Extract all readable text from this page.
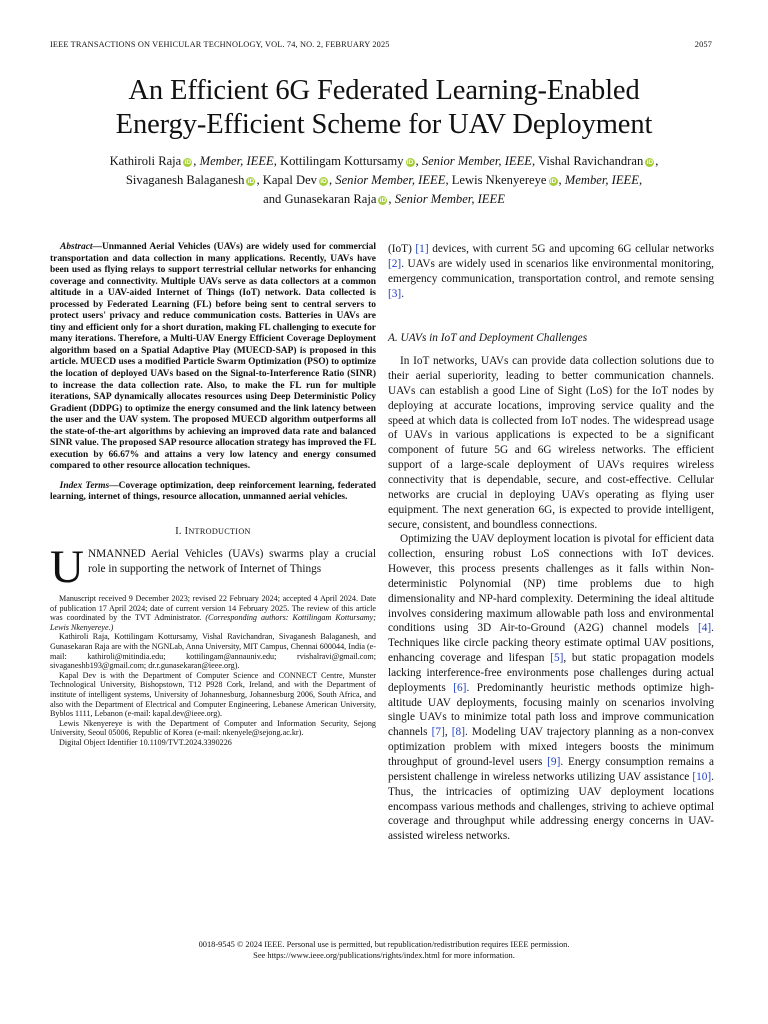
IEEE TRANSACTIONS ON VEHICULAR TECHNOLOGY, VOL. 74, NO. 2, FEBRUARY 2025	2057
An Efficient 6G Federated Learning-Enabled
Energy-Efficient Scheme for UAV Deployment
Kathiroli Raja iD , Member, IEEE, Kottilingam Kottursamy iD , Senior Member, IEEE, Vishal Ravichandran iD ,
Sivaganesh Balaganesh iD , Kapal Dev iD , Senior Member, IEEE, Lewis Nkenyereye iD , Member, IEEE,
and Gunasekaran Raja iD , Senior Member, IEEE
Abstract—Unmanned Aerial Vehicles (UAVs) are widely used for commercial transportation and data collection in many applications. Recently, UAVs have been used as flying relays to support terrestrial cellular networks for enhancing coverage and connectivity. Multiple UAVs serve as data collectors at a common altitude in a UAV-aided Internet of Things (IoT) network. Data collected is processed by Federated Learning (FL) before being sent to central servers to protect users' privacy and reduce communication costs. Batteries in UAVs are tiny and efficient only for a short duration, making FL challenging to execute for many iterations. Therefore, a Multi-UAV Energy Efficient Coverage Deployment algorithm based on a Spatial Adaptive Play (MUECD-SAP) is proposed in this article. MUECD uses a modified Particle Swarm Optimization (PSO) to optimize the location of deployed UAVs based on the Signal-to-Interference Ratio (SINR) to increase the data collection rate. Also, to make the FL run for multiple iterations, SAP dynamically allocates resources using Deep Deterministic Policy Gradient (DDPG) to optimize the energy consumed and the link latency between the user and the UAV system. The proposed MUECD algorithm outperforms all the state-of-the-art algorithms by achieving an improved data rate and balanced SINR value. The proposed SAP resource allocation strategy has improved the FL execution by 66.67% and attains a very low latency and energy consumed compared to other resource allocation techniques.
Index Terms—Coverage optimization, deep reinforcement learning, federated learning, internet of things, resource allocation, unmanned aerial vehicles.
I. INTRODUCTION
UNMANNED Aerial Vehicles (UAVs) swarms play a crucial role in supporting the network of Internet of Things

Manuscript received 9 December 2023; revised 22 February 2024; accepted 4 April 2024. Date of publication 17 April 2024; date of current version 14 February 2025. The review of this article was coordinated by the TVT Administrator. (Corresponding authors: Kottilingam Kottursamy; Lewis Nkenyereye.)

Kathiroli Raja, Kottilingam Kottursamy, Vishal Ravichandran, Sivaganesh Balaganesh, and Gunasekaran Raja are with the NGNLab, Anna University, MIT Campus, Chennai 600044, India (e-mail: kathiroli@mitindia.edu; kottilingam@annauniv.edu; rvishalravi@gmail.com; sivaganeshb193@gmail.com; dr.r.gunasekaran@ieee.org).

Kapal Dev is with the Department of Computer Science and CONNECT Centre, Munster Technological University, Bishopstown, T12 P928 Cork, Ireland, and with the Department of institute of intelligent systems, University of Johannesburg, Johannesburg 2006, South Africa, and also with the Department of Electrical and Computer Engineering, Lebanese American University, Byblos 1111, Lebanon (e-mail: kapal.dev@ieee.org).

Lewis Nkenyereye is with the Department of Computer and Information Security, Sejong University, Seoul 05006, Republic of Korea (e-mail: nkenyele@sejong.ac.kr).

Digital Object Identifier 10.1109/TVT.2024.3390226

(IoT) [1] devices, with current 5G and upcoming 6G cellular networks [2]. UAVs are widely used in scenarios like environmental monitoring, emergency communication, transportation control, and remote sensing [3].

A. UAVs in IoT and Deployment Challenges

In IoT networks, UAVs can provide data collection solutions due to their aerial superiority, leading to better communication channels. UAVs can establish a good Line of Sight (LoS) for the IoT nodes by deploying at accurate locations, improving service quality and the speed at which data is collected from IoT nodes. The widespread usage of UAVs in various applications is expected to be a significant component of future 5G and 6G wireless networks. The efficient support of a large-scale deployment of UAVs requires wireless connectivity that is dependable, secure, and cost-effective. Cellular networks are crucial in deploying UAVs operating as flying user equipment. The next generation 6G, is expected to provide intelligent, secure, consistent, and boundless connections.

Optimizing the UAV deployment location is pivotal for efficient data collection, ensuring robust LoS connections with IoT devices. However, this process presents challenges as it falls within Non-deterministic Polynomial (NP) time problems due to high dimensionality and NP-hard complexity. Determining the ideal altitude involves considering maximum allowable path loss and environmental conditions using 3D Air-to-Ground (A2G) channel models [4]. Techniques like circle packing theory estimate optimal UAV positions, enhancing coverage and lifespan [5], but static propagation models lacking interference-free environments pose challenges during actual deployments [6]. Predominantly heuristic methods optimize high-altitude UAV deployments, focusing mainly on scenarios involving single UAVs to minimize total path loss and improve communication channels [7], [8]. Modeling UAV trajectory planning as a non-convex optimization problem with mixed integers boosts the minimum throughput of ground-level users [9]. Energy consumption remains a persistent challenge in wireless networks utilizing UAV assistance [10]. Thus, the intricacies of optimizing UAV deployment locations encompass various methods and challenges, striving to achieve optimal coverage and throughput while addressing energy concerns in UAV-assisted wireless networks.

0018-9545 © 2024 IEEE. Personal use is permitted, but republication/redistribution requires IEEE permission.
See https://www.ieee.org/publications/rights/index.html for more information.
